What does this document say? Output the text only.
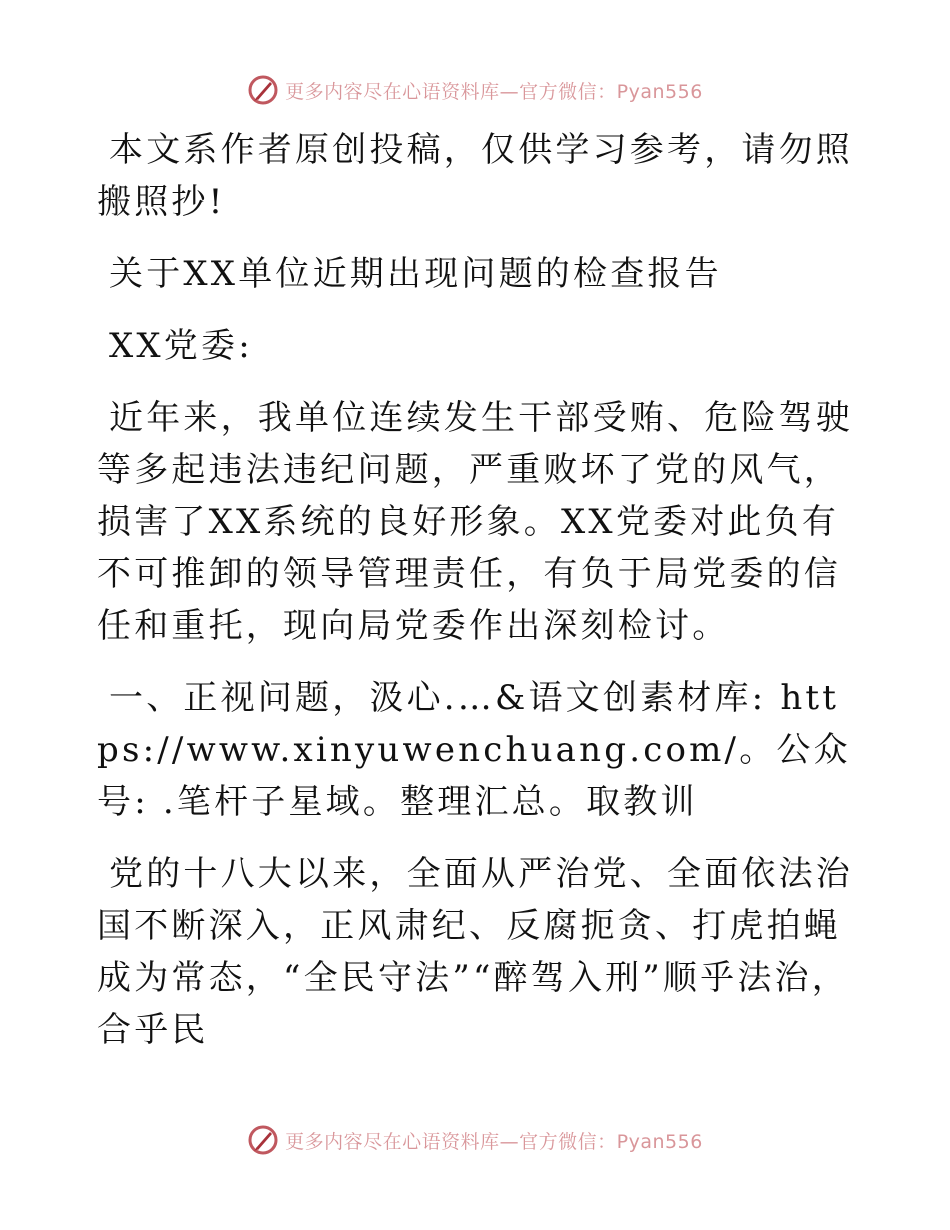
更多内容尽在心语资料库—官方微信：Pyan556

本文系作者原创投稿，仅供学习参考，请勿照搬照抄!

关于XX单位近期出现问题的检查报告

XX党委:

近年来，我单位连续发生干部受贿、危险驾驶等多起违法违纪问题，严重败坏了党的风气，损害了XX系统的良好形象。XX党委对此负有不可推卸的领导管理责任，有负于局党委的信任和重托，现向局党委作出深刻检讨。

一、正视问题，汲心.…&语文创素材库: https://www.xinyuwenchuang.com/。公众号: .笔杆子星域。整理汇总。取教训

党的十八大以来，全面从严治党、全面依法治国不断深入，正风肃纪、反腐扼贪、打虎拍蝇成为常态，“全民守法”“醉驾入刑”顺乎法治，合乎民

更多内容尽在心语资料库—官方微信：Pyan556
